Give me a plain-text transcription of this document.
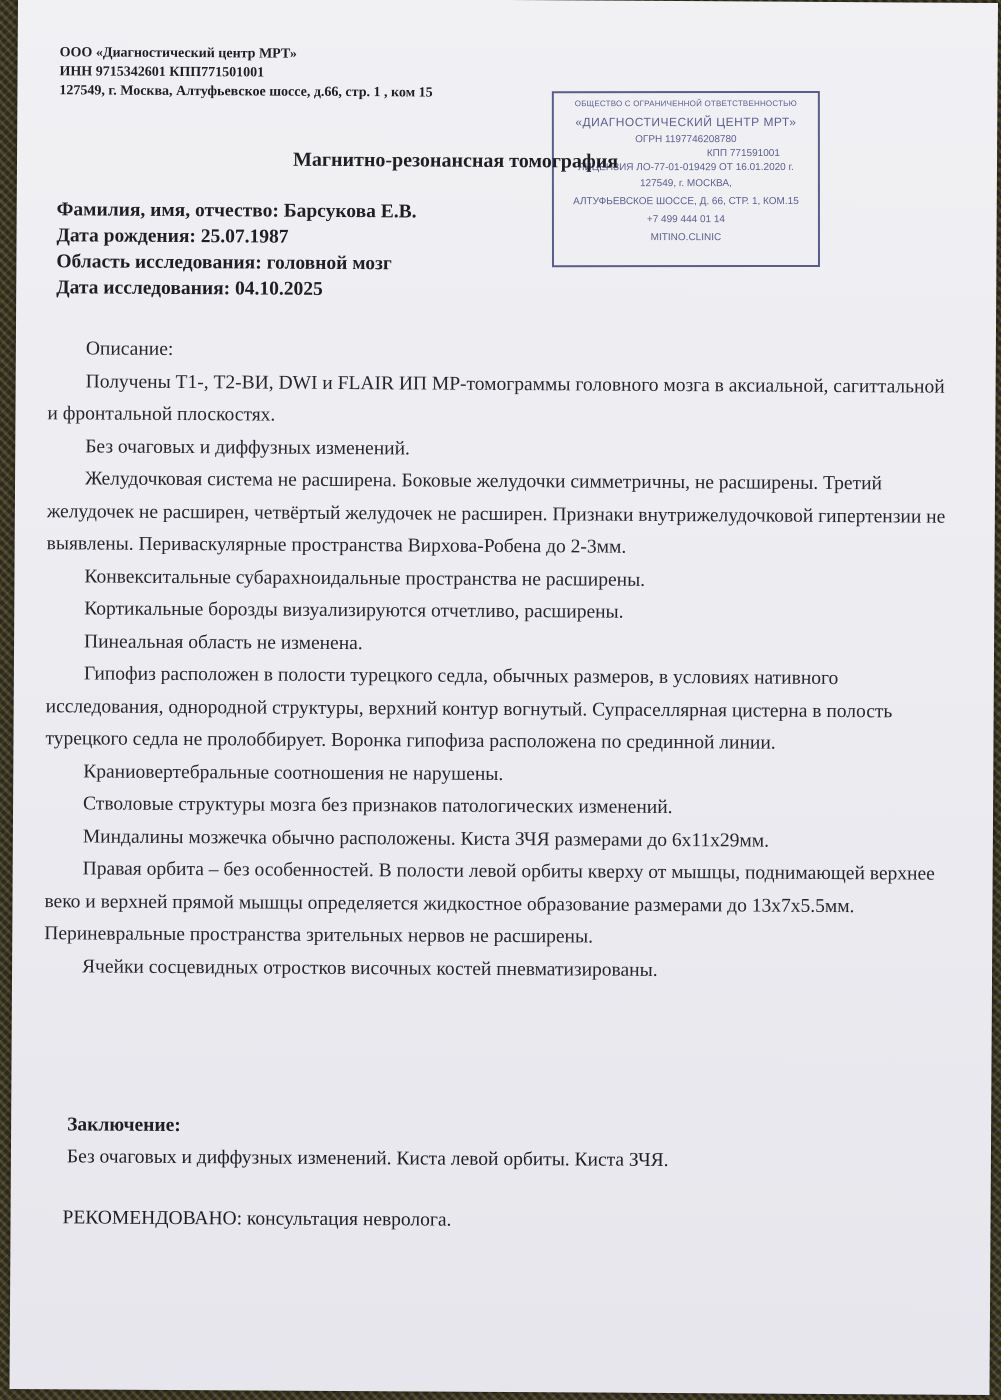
ООО «Диагностический центр МРТ»
ИНН 9715342601 КПП771501001
127549, г. Москва, Алтуфьевское шоссе, д.66, стр. 1 , ком 15
ОБЩЕСТВО С ОГРАНИЧЕННОЙ ОТВЕТСТВЕННОСТЬЮ
«ДИАГНОСТИЧЕСКИЙ ЦЕНТР МРТ»
ОГРН 1197746208780
КПП 771591001
ЛИЦЕНЗИЯ ЛО-77-01-019429 ОТ 16.01.2020 г.
127549, г. МОСКВА,
АЛТУФЬЕВСКОЕ ШОССЕ, Д. 66, СТР. 1, КОМ.15
+7 499 444 01 14
MITINO.CLINIC
Магнитно-резонансная томография
Фамилия, имя, отчество: Барсукова Е.В.
Дата рождения: 25.07.1987
Область исследования: головной мозг
Дата исследования: 04.10.2025

Описание:

Получены Т1-, Т2-ВИ, DWI и FLAIR ИП МР-томограммы головного мозга в аксиальной, сагиттальной и фронтальной плоскостях.

Без очаговых и диффузных изменений.

Желудочковая система не расширена. Боковые желудочки симметричны, не расширены. Третий желудочек не расширен, четвёртый желудочек не расширен. Признаки внутрижелудочковой гипертензии не выявлены. Периваскулярные пространства Вирхова-Робена до 2-3мм.

Конвекситальные субарахноидальные пространства не расширены.

Кортикальные борозды визуализируются отчетливо, расширены.

Пинеальная область не изменена.

Гипофиз расположен в полости турецкого седла, обычных размеров, в условиях нативного исследования, однородной структуры, верхний контур вогнутый. Супраселлярная цистерна в полость турецкого седла не пролоббирует. Воронка гипофиза расположена по срединной линии.

Краниовертебральные соотношения не нарушены.

Стволовые структуры мозга без признаков патологических изменений.

Миндалины мозжечка обычно расположены. Киста ЗЧЯ размерами до 6х11х29мм.

Правая орбита – без особенностей. В полости левой орбиты кверху от мышцы, поднимающей верхнее веко и верхней прямой мышцы определяется жидкостное образование размерами до 13х7х5.5мм. Периневральные пространства зрительных нервов не расширены.

Ячейки сосцевидных отростков височных костей пневматизированы.

Заключение:
Без очаговых и диффузных изменений. Киста левой орбиты. Киста ЗЧЯ.
РЕКОМЕНДОВАНО: консультация невролога.
